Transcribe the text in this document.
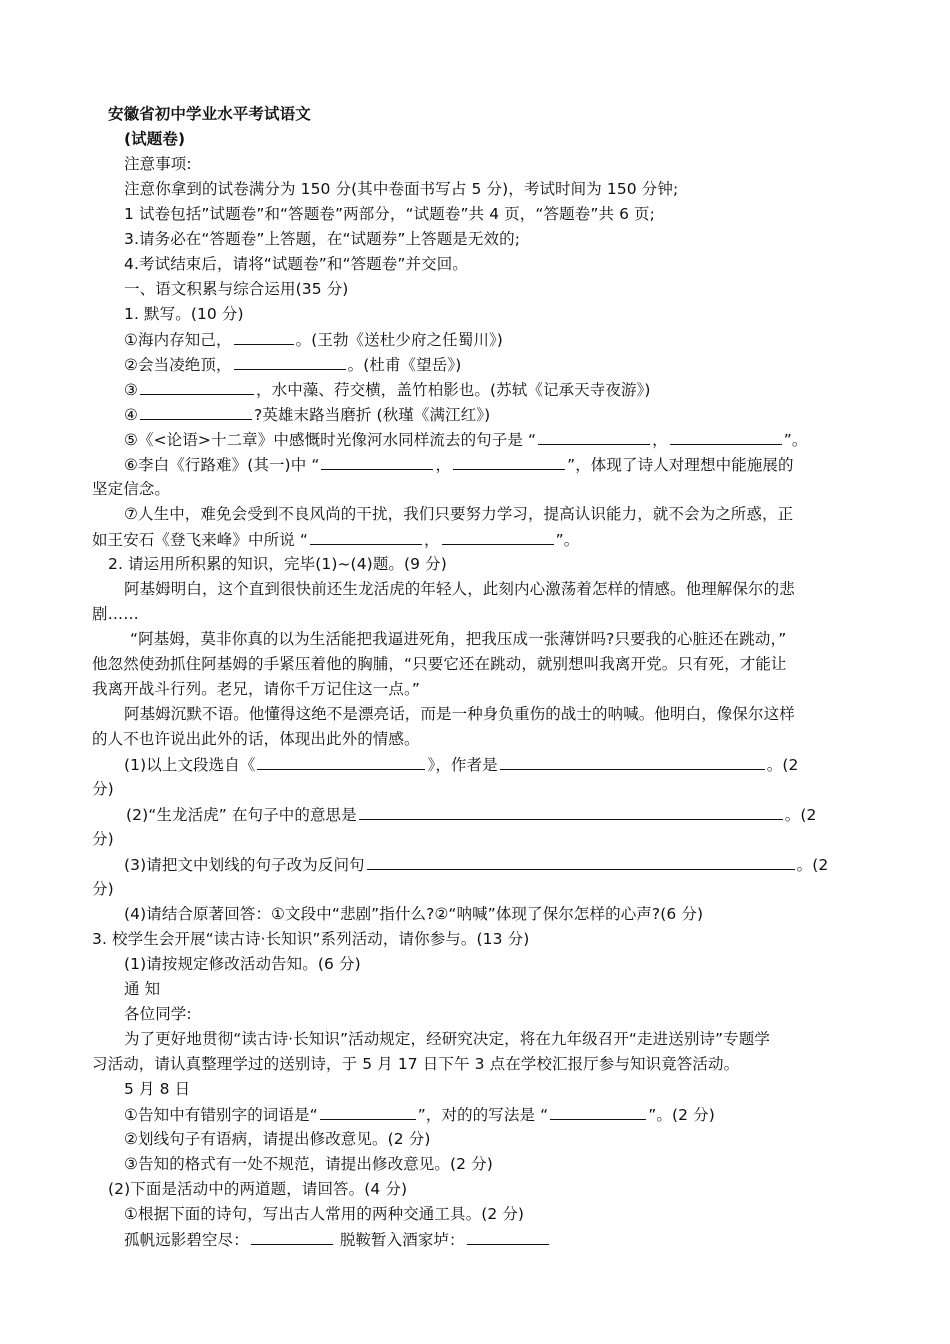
安徽省初中学业水平考试语文
(试题卷)
注意事项:
注意你拿到的试卷满分为 150 分(其中卷面书写占 5 分)，考试时间为 150 分钟;
1 试卷包括”试题卷”和“答题卷”两部分，“试题卷”共 4 页，“答题卷”共 6 页;
3.请务必在“答题卷”上答题，在“试题券”上答题是无效的;
4.考试结束后，请将“试题卷”和“答题卷”并交回。
一、语文积累与综合运用(35 分)
1. 默写。(10 分)
①海内存知己，	。(王勃《送杜少府之任蜀川》)
②会当凌绝顶，	。(杜甫《望岳》)
③	，水中藻、荇交横，盖竹柏影也。(苏轼《记承天寺夜游》)
④	?英雄末路当磨折 (秋瑾《满江红》)
⑤《<论语>十二章》中感慨时光像河水同样流去的句子是 “	，	”。
⑥李白《行路难》(其一)中 “	，	”，体现了诗人对理想中能施展的
坚定信念。
⑦人生中，难免会受到不良风尚的干扰，我们只要努力学习，提高认识能力，就不会为之所惑，正
如王安石《登飞来峰》中所说 “	，	”。
2. 请运用所积累的知识，完毕(1)~(4)题。(9 分)
阿基姆明白，这个直到很快前还生龙活虎的年轻人，此刻内心激荡着怎样的情感。他理解保尔的悲
剧……
“阿基姆，莫非你真的以为生活能把我逼进死角，把我压成一张薄饼吗?只要我的心脏还在跳动，”
他忽然使劲抓住阿基姆的手紧压着他的胸脯，“只要它还在跳动，就别想叫我离开党。只有死，才能让
我离开战斗行列。老兄，请你千万记住这一点。”
阿基姆沉默不语。他懂得这绝不是漂亮话，而是一种身负重伤的战士的呐喊。他明白，像保尔这样
的人不也许说出此外的话，体现出此外的情感。
(1)以上文段选自《	》，作者是	。(2
分)
(2)“生龙活虎” 在句子中的意思是	。(2
分)
(3)请把文中划线的句子改为反问句	。(2
分)
(4)请结合原著回答：①文段中“悲剧”指什么?②“呐喊”体现了保尔怎样的心声?(6 分)
3. 校学生会开展“读古诗·长知识”系列活动，请你参与。(13 分)
(1)请按规定修改活动告知。(6 分)
通 知
各位同学:
为了更好地贯彻“读古诗·长知识”活动规定，经研究决定，将在九年级召开“走进送别诗”专题学
习活动，请认真整理学过的送别诗，于 5 月 17 日下午 3 点在学校汇报厅参与知识竟答活动。
5 月 8 日
①告知中有错别字的词语是“	”，对的的写法是 “	”。(2 分)
②划线句子有语病，请提出修改意见。(2 分)
③告知的格式有一处不规范，请提出修改意见。(2 分)
(2)下面是活动中的两道题，请回答。(4 分)
①根据下面的诗句，写出古人常用的两种交通工具。(2 分)
孤帆远影碧空尽：	脱鞍暂入酒家垆：
